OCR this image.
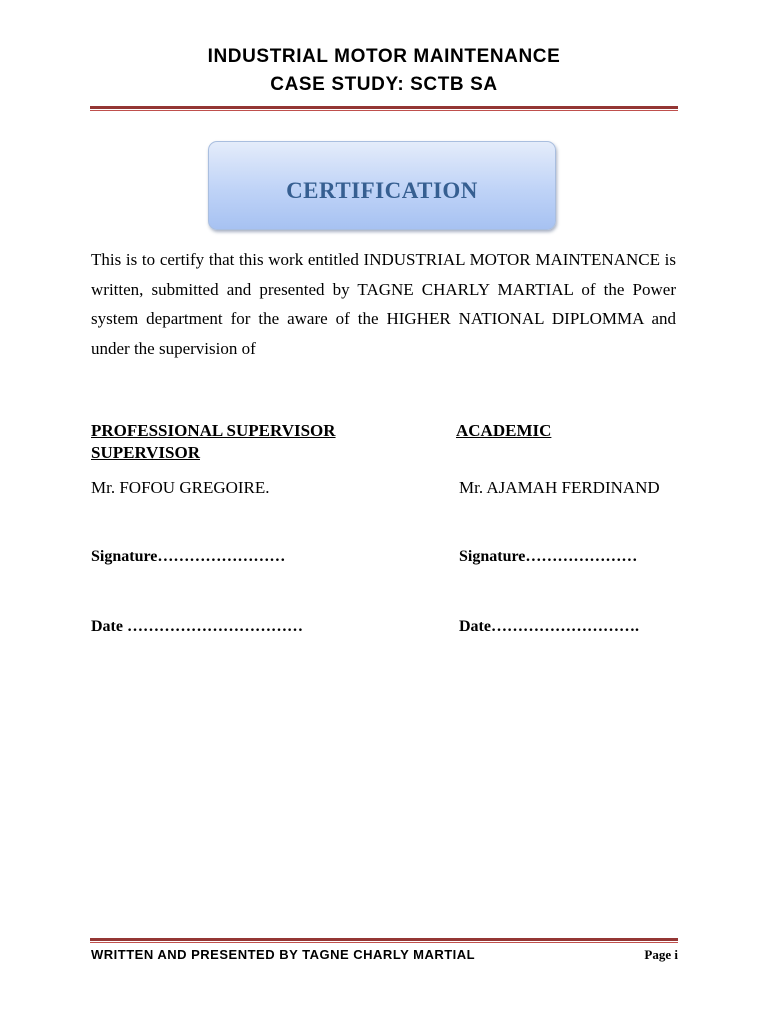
INDUSTRIAL MOTOR MAINTENANCE
CASE STUDY: SCTB SA
CERTIFICATION
This is to certify that this work entitled INDUSTRIAL MOTOR MAINTENANCE is written, submitted and presented by TAGNE CHARLY MARTIAL of the Power system department for the aware of the HIGHER NATIONAL DIPLOMMA and under the supervision of
PROFESSIONAL SUPERVISOR	ACADEMIC
SUPERVISOR
Mr. FOFOU GREGOIRE.	Mr. AJAMAH FERDINAND
Signature……………………	Signature…………………
Date ……………………………	Date……………………….
WRITTEN AND PRESENTED BY TAGNE CHARLY MARTIAL	Page i
